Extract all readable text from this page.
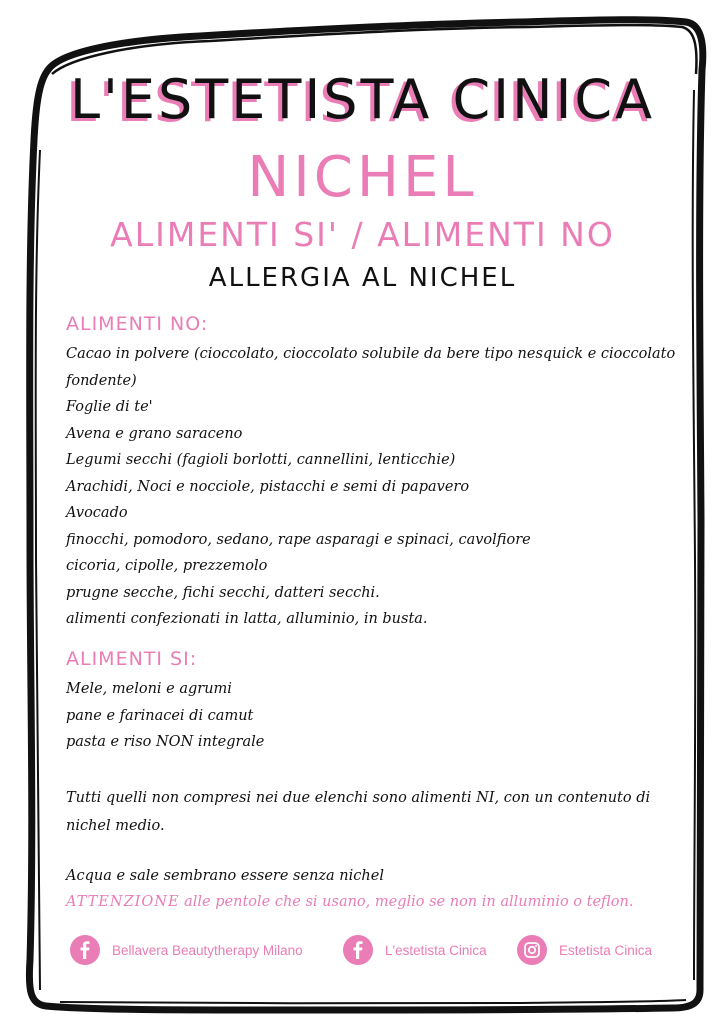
L'ESTETISTA CINICA
NICHEL
ALIMENTI SI' / ALIMENTI NO
ALLERGIA AL NICHEL
ALIMENTI NO:
Cacao in polvere (cioccolato, cioccolato solubile da bere tipo nesquick e cioccolato fondente)
Foglie di te'
Avena e grano saraceno
Legumi secchi (fagioli borlotti, cannellini, lenticchie)
Arachidi, Noci e nocciole, pistacchi e semi di papavero
Avocado
finocchi, pomodoro, sedano, rape asparagi e spinaci, cavolfiore
cicoria, cipolle, prezzemolo
prugne secche, fichi secchi, datteri secchi.
alimenti confezionati in latta, alluminio, in busta.
ALIMENTI SI:
Mele, meloni e agrumi
pane e farinacei di camut
pasta e riso NON integrale

Tutti quelli non compresi nei due elenchi sono alimenti NI, con un contenuto di nichel medio.

Acqua e sale sembrano essere senza nichel

ATTENZIONE alle pentole che si usano, meglio se non in alluminio o teflon.

Bellavera Beautytherapy Milano	L'estetista Cinica	Estetista Cinica
